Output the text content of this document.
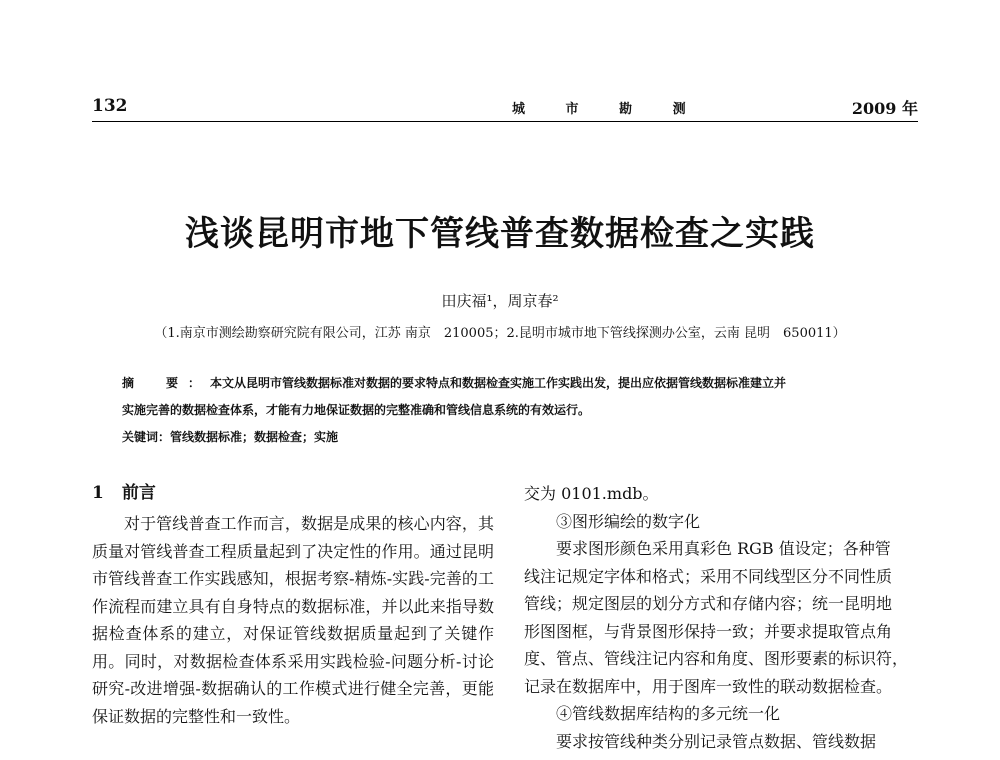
132	城 市 勘 测	2009 年
浅谈昆明市地下管线普查数据检查之实践
田庆福¹，周京春²
（1.南京市测绘勘察研究院有限公司，江苏 南京　210005；2.昆明市城市地下管线探测办公室，云南 昆明　650011）
摘　要：本文从昆明市管线数据标准对数据的要求特点和数据检查实施工作实践出发，提出应依据管线数据标准建立并
实施完善的数据检查体系，才能有力地保证数据的完整准确和管线信息系统的有效运行。
关键词：管线数据标准；数据检查；实施
1 前言

对于管线普查工作而言，数据是成果的核心内容，其质量对管线普查工程质量起到了决定性的作用。通过昆明市管线普查工作实践感知，根据考察-精炼-实践-完善的工作流程而建立具有自身特点的数据标准，并以此来指导数据检查体系的建立，对保证管线数据质量起到了关键作用。同时，对数据检查体系采用实践检验-问题分析-讨论研究-改进增强-数据确认的工作模式进行健全完善，更能保证数据的完整性和一致性。

交为 0101.mdb。

③图形编绘的数字化

要求图形颜色采用真彩色 RGB 值设定；各种管

线注记规定字体和格式；采用不同线型区分不同性质

管线；规定图层的划分方式和存储内容；统一昆明地

形图图框，与背景图形保持一致；并要求提取管点角

度、管点、管线注记内容和角度、图形要素的标识符，

记录在数据库中，用于图库一致性的联动数据检查。

④管线数据库结构的多元统一化

要求按管线种类分别记录管点数据、管线数据
